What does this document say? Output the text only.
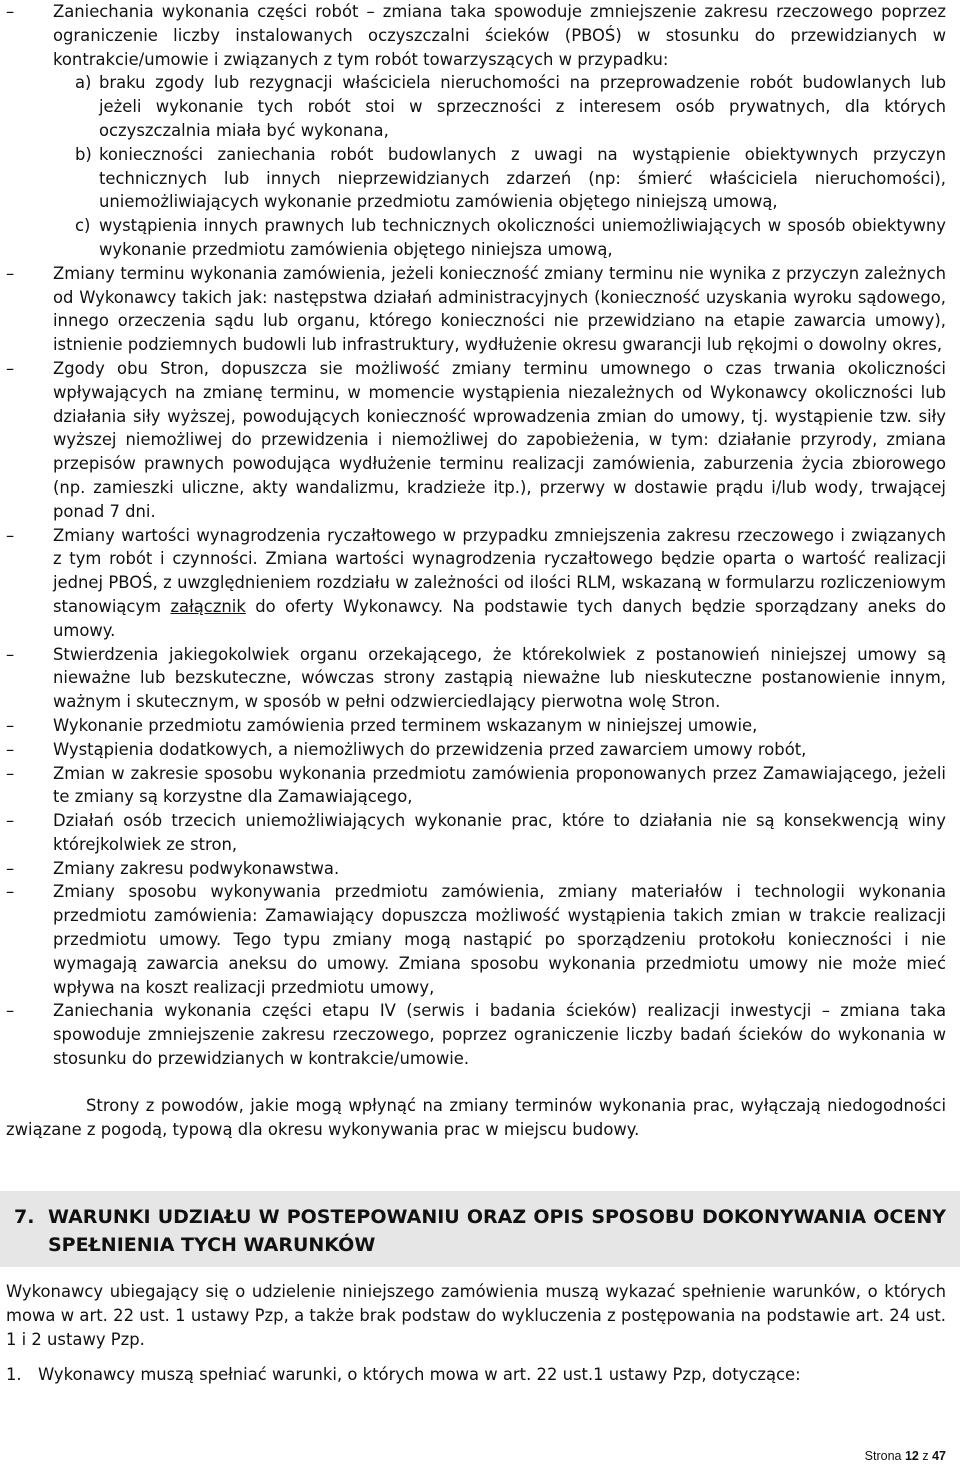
–	Zaniechania wykonania części robót – zmiana taka spowoduje zmniejszenie zakresu rzeczowego poprzez ograniczenie liczby instalowanych oczyszczalni ścieków (PBOŚ) w stosunku do przewidzianych w kontrakcie/umowie i związanych z tym robót towarzyszących w przypadku:
a) braku zgody lub rezygnacji właściciela nieruchomości na przeprowadzenie robót budowlanych lub jeżeli wykonanie tych robót stoi w sprzeczności z interesem osób prywatnych, dla których oczyszczalnia miała być wykonana,
b) konieczności zaniechania robót budowlanych z uwagi na wystąpienie obiektywnych przyczyn technicznych lub innych nieprzewidzianych zdarzeń (np: śmierć właściciela nieruchomości), uniemożliwiających wykonanie przedmiotu zamówienia objętego niniejszą umową,
c) wystąpienia innych prawnych lub technicznych okoliczności uniemożliwiających w sposób obiektywny wykonanie przedmiotu zamówienia objętego niniejsza umową,
–	Zmiany terminu wykonania zamówienia, jeżeli konieczność zmiany terminu nie wynika z przyczyn zależnych od Wykonawcy takich jak: następstwa działań administracyjnych (konieczność uzyskania wyroku sądowego, innego orzeczenia sądu lub organu, którego konieczności nie przewidziano na etapie zawarcia umowy), istnienie podziemnych budowli lub infrastruktury, wydłużenie okresu gwarancji lub rękojmi o dowolny okres,
–	Zgody obu Stron, dopuszcza sie możliwość zmiany terminu umownego o czas trwania okoliczności wpływających na zmianę terminu, w momencie wystąpienia niezależnych od Wykonawcy okoliczności lub działania siły wyższej, powodujących konieczność wprowadzenia zmian do umowy, tj. wystąpienie tzw. siły wyższej niemożliwej do przewidzenia i niemożliwej do zapobieżenia, w tym: działanie przyrody, zmiana przepisów prawnych powodująca wydłużenie terminu realizacji zamówienia, zaburzenia życia zbiorowego (np. zamieszki uliczne, akty wandalizmu, kradzieże itp.), przerwy w dostawie prądu i/lub wody, trwającej ponad 7 dni.
–	Zmiany wartości wynagrodzenia ryczałtowego w przypadku zmniejszenia zakresu rzeczowego i związanych z tym robót i czynności. Zmiana wartości wynagrodzenia ryczałtowego będzie oparta o wartość realizacji jednej PBOŚ, z uwzględnieniem rozdziału w zależności od ilości RLM, wskazaną w formularzu rozliczeniowym stanowiącym załącznik do oferty Wykonawcy. Na podstawie tych danych będzie sporządzany aneks do umowy.
–	Stwierdzenia jakiegokolwiek organu orzekającego, że którekolwiek z postanowień niniejszej umowy są nieważne lub bezskuteczne, wówczas strony zastąpią nieważne lub nieskuteczne postanowienie innym, ważnym i skutecznym, w sposób w pełni odzwierciedlający pierwotna wolę Stron.
–	Wykonanie przedmiotu zamówienia przed terminem wskazanym w niniejszej umowie,
–	Wystąpienia dodatkowych, a niemożliwych do przewidzenia przed zawarciem umowy robót,
–	Zmian w zakresie sposobu wykonania przedmiotu zamówienia proponowanych przez Zamawiającego, jeżeli te zmiany są korzystne dla Zamawiającego,
–	Działań osób trzecich uniemożliwiających wykonanie prac, które to działania nie są konsekwencją winy którejkolwiek ze stron,
–	Zmiany zakresu podwykonawstwa.
–	Zmiany sposobu wykonywania przedmiotu zamówienia, zmiany materiałów i technologii wykonania przedmiotu zamówienia: Zamawiający dopuszcza możliwość wystąpienia takich zmian w trakcie realizacji przedmiotu umowy. Tego typu zmiany mogą nastąpić po sporządzeniu protokołu konieczności i nie wymagają zawarcia aneksu do umowy. Zmiana sposobu wykonania przedmiotu umowy nie może mieć wpływa na koszt realizacji przedmiotu umowy,
–	Zaniechania wykonania części etapu IV (serwis i badania ścieków) realizacji inwestycji – zmiana taka spowoduje zmniejszenie zakresu rzeczowego, poprzez ograniczenie liczby badań ścieków do wykonania w stosunku do przewidzianych w kontrakcie/umowie.
Strony z powodów, jakie mogą wpłynąć na zmiany terminów wykonania prac, wyłączają niedogodności związane z pogodą, typową dla okresu wykonywania prac w miejscu budowy.
7. WARUNKI UDZIAŁU W POSTEPOWANIU ORAZ OPIS SPOSOBU DOKONYWANIA OCENY SPEŁNIENIA TYCH WARUNKÓW
Wykonawcy ubiegający się o udzielenie niniejszego zamówienia muszą wykazać spełnienie warunków, o których mowa w art. 22 ust. 1 ustawy Pzp, a także brak podstaw do wykluczenia z postępowania na podstawie art. 24 ust. 1 i 2 ustawy Pzp.
1. Wykonawcy muszą spełniać warunki, o których mowa w art. 22 ust.1 ustawy Pzp, dotyczące:
Strona 12 z 47
